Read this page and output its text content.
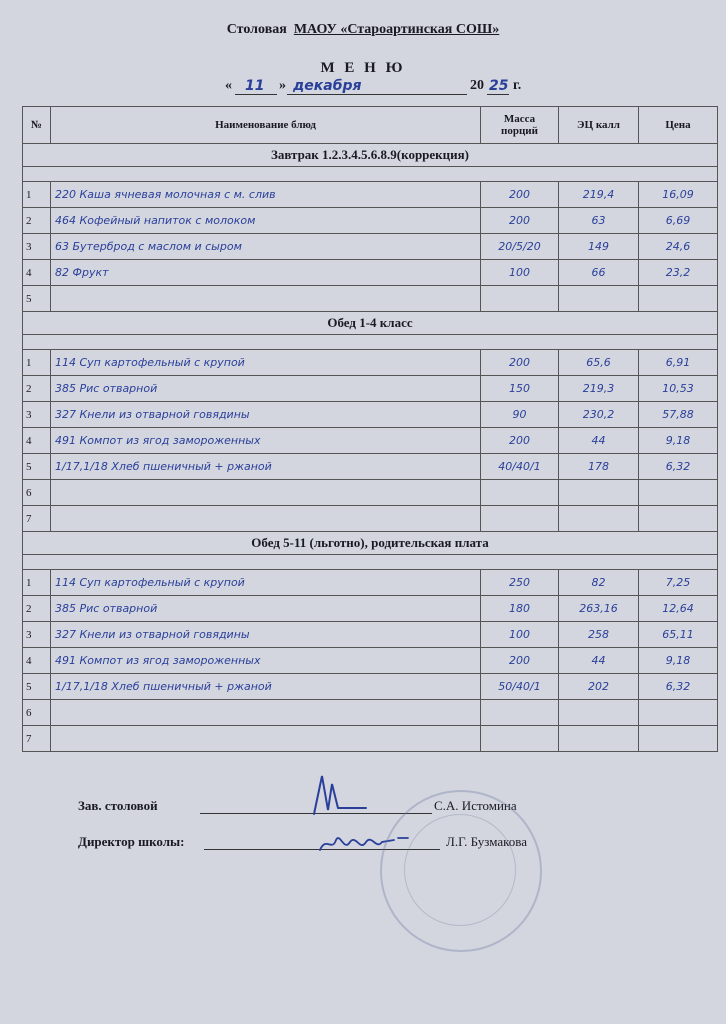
Столовая МАОУ «Староартинская СОШ»
М Е Н Ю
« 11 » декабря	20 25 г.
№	Наименование блюд	Масса порций	ЭЦ калл	Цена
Завтрак 1.2.3.4.5.6.8.9(коррекция)				

1	220 Каша ячневая молочная с м. слив	200	219,4	16,09
2	464 Кофейный напиток с молоком	200	63	6,69
3	63 Бутерброд с маслом и сыром	20/5/20	149	24,6
4	82 Фрукт	100	66	23,2
5				
Обед 1-4 класс				

1	114 Суп картофельный с крупой	200	65,6	6,91
2	385 Рис отварной	150	219,3	10,53
3	327 Кнели из отварной говядины	90	230,2	57,88
4	491 Компот из ягод замороженных	200	44	9,18
5	1/17,1/18 Хлеб пшеничный + ржаной	40/40/1	178	6,32
6				
7				
Обед 5-11 (льготно), родительская плата				

1	114 Суп картофельный с крупой	250	82	7,25
2	385 Рис отварной	180	263,16	12,64
3	327 Кнели из отварной говядины	100	258	65,11
4	491 Компот из ягод замороженных	200	44	9,18
5	1/17,1/18 Хлеб пшеничный + ржаной	50/40/1	202	6,32
6				
7				
Зав. столовой	С.А. Истомина
Директор школы:	Л.Г. Бузмакова
